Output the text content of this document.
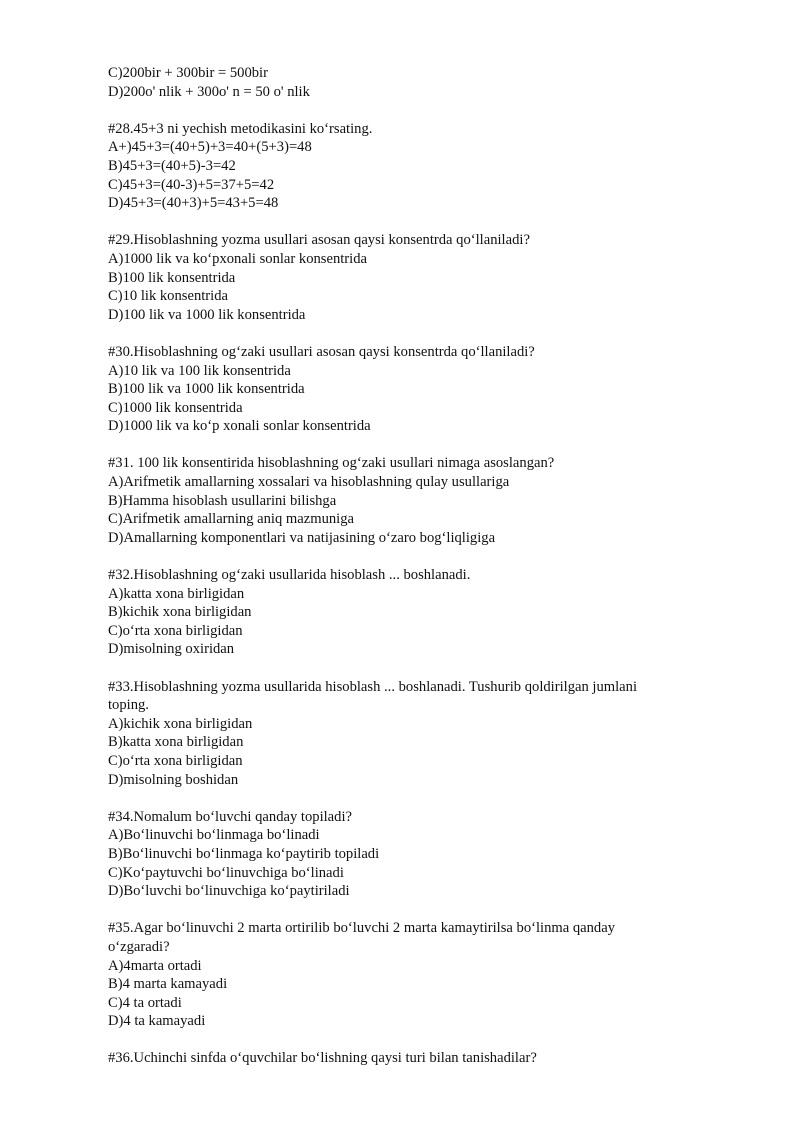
C)200bir + 300bir = 500bir

D)200o' nlik + 300o' n = 50 o' nlik

#28.45+3 ni yechish metodikasini ko‘rsating.

A+)45+3=(40+5)+3=40+(5+3)=48

B)45+3=(40+5)-3=42

C)45+3=(40-3)+5=37+5=42

D)45+3=(40+3)+5=43+5=48

#29.Hisoblashning yozma usullari asosan qaysi konsentrda qo‘llaniladi?

A)1000 lik va ko‘pxonali sonlar konsentrida

B)100 lik konsentrida

C)10 lik konsentrida

D)100 lik va 1000 lik konsentrida

#30.Hisoblashning og‘zaki usullari asosan qaysi konsentrda qo‘llaniladi?

A)10 lik va 100 lik konsentrida

B)100 lik va 1000 lik konsentrida

C)1000 lik konsentrida

D)1000 lik va ko‘p xonali sonlar konsentrida

#31. 100 lik konsentirida hisoblashning og‘zaki usullari nimaga asoslangan?

A)Arifmetik amallarning xossalari va hisoblashning qulay usullariga

B)Hamma hisoblash usullarini bilishga

C)Arifmetik amallarning aniq mazmuniga

D)Amallarning komponentlari va natijasining o‘zaro bog‘liqligiga

#32.Hisoblashning og‘zaki usullarida hisoblash ... boshlanadi.

A)katta xona birligidan

B)kichik xona birligidan

C)o‘rta xona birligidan

D)misolning oxiridan

#33.Hisoblashning yozma usullarida hisoblash ... boshlanadi. Tushurib qoldirilgan jumlani

toping.

A)kichik xona birligidan

B)katta xona birligidan

C)o‘rta xona birligidan

D)misolning boshidan

#34.Nomalum bo‘luvchi qanday topiladi?

A)Bo‘linuvchi bo‘linmaga bo‘linadi

B)Bo‘linuvchi bo‘linmaga ko‘paytirib topiladi

C)Ko‘paytuvchi bo‘linuvchiga bo‘linadi

D)Bo‘luvchi bo‘linuvchiga ko‘paytiriladi

#35.Agar bo‘linuvchi 2 marta ortirilib bo‘luvchi 2 marta kamaytirilsa bo‘linma qanday

o‘zgaradi?

A)4marta ortadi

B)4 marta kamayadi

C)4 ta ortadi

D)4 ta kamayadi

#36.Uchinchi sinfda o‘quvchilar bo‘lishning qaysi turi bilan tanishadilar?
